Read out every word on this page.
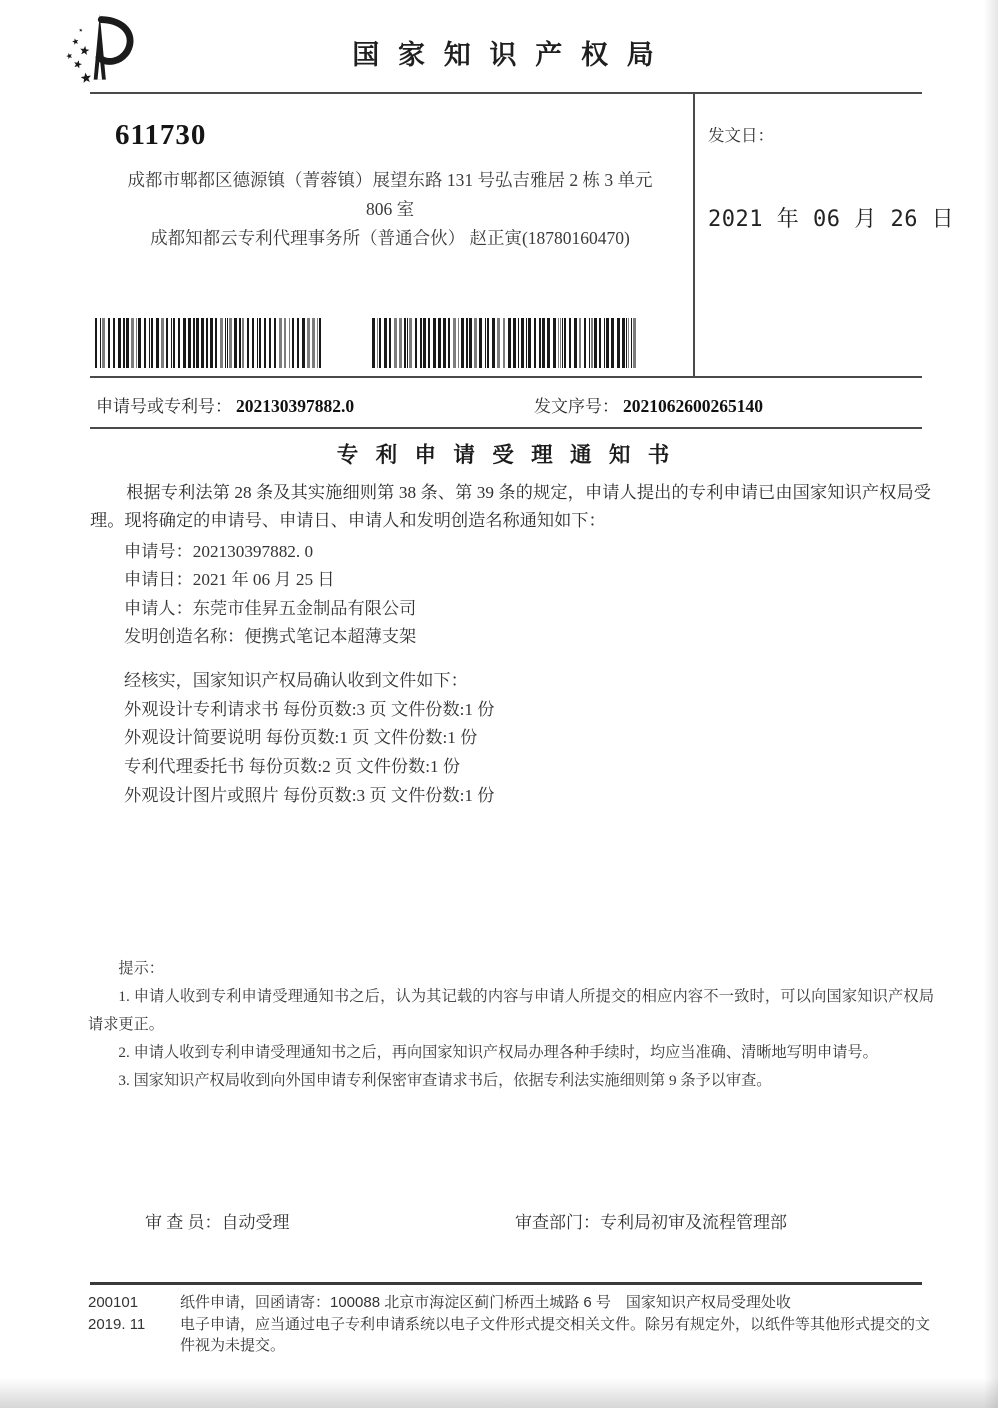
国 家 知 识 产 权 局
611730
成都市郫都区德源镇（菁蓉镇）展望东路 131 号弘吉雅居 2 栋 3 单元
806 室
成都知都云专利代理事务所（普通合伙） 赵正寅(18780160470)
发文日：
2021 年 06 月 26 日
申请号或专利号： 202130397882.0	发文序号： 2021062600265140
专 利 申 请 受 理 通 知 书

根据专利法第 28 条及其实施细则第 38 条、第 39 条的规定，申请人提出的专利申请已由国家知识产权局受理。现将确定的申请号、申请日、申请人和发明创造名称通知如下：

申请号：202130397882. 0
申请日：2021 年 06 月 25 日
申请人：东莞市佳昇五金制品有限公司
发明创造名称：便携式笔记本超薄支架
经核实，国家知识产权局确认收到文件如下：
外观设计专利请求书 每份页数:3 页 文件份数:1 份
外观设计简要说明 每份页数:1 页 文件份数:1 份
专利代理委托书 每份页数:2 页 文件份数:1 份
外观设计图片或照片 每份页数:3 页 文件份数:1 份

提示：

1. 申请人收到专利申请受理通知书之后，认为其记载的内容与申请人所提交的相应内容不一致时，可以向国家知识产权局请求更正。

2. 申请人收到专利申请受理通知书之后，再向国家知识产权局办理各种手续时，均应当准确、清晰地写明申请号。

3. 国家知识产权局收到向外国申请专利保密审查请求书后，依据专利法实施细则第 9 条予以审查。

审 查 员：自动受理	审查部门：专利局初审及流程管理部
200101
2019. 11

纸件申请，回函请寄：100088 北京市海淀区蓟门桥西土城路 6 号　国家知识产权局受理处收

电子申请，应当通过电子专利申请系统以电子文件形式提交相关文件。除另有规定外，以纸件等其他形式提交的文件视为未提交。
